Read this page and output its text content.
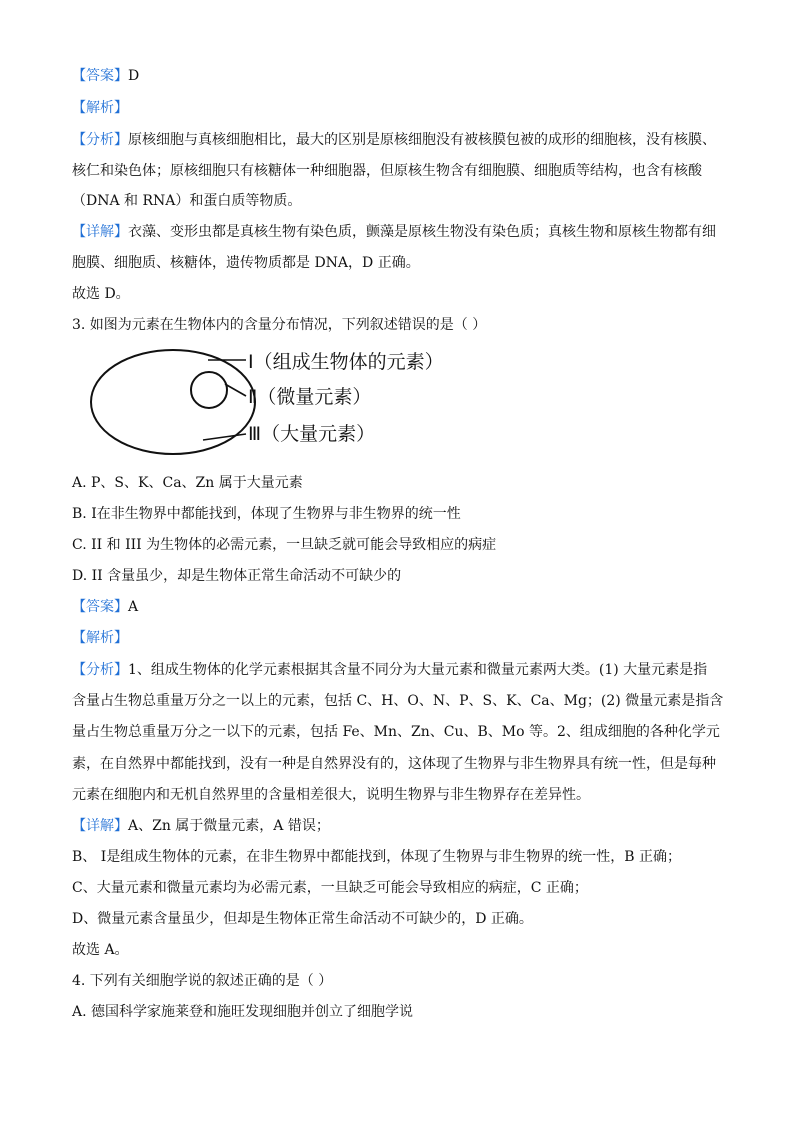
【答案】D
【解析】
【分析】原核细胞与真核细胞相比，最大的区别是原核细胞没有被核膜包被的成形的细胞核，没有核膜、
核仁和染色体；原核细胞只有核糖体一种细胞器，但原核生物含有细胞膜、细胞质等结构，也含有核酸
（DNA 和 RNA）和蛋白质等物质。
【详解】衣藻、变形虫都是真核生物有染色质，颤藻是原核生物没有染色质；真核生物和原核生物都有细
胞膜、细胞质、核糖体，遗传物质都是 DNA，D 正确。
故选 D。
3. 如图为元素在生物体内的含量分布情况，下列叙述错误的是（ ）
Ⅰ（组成生物体的元素）
Ⅱ（微量元素）
Ⅲ（大量元素）
A. P、S、K、Ca、Zn 属于大量元素
B. Ⅰ在非生物界中都能找到，体现了生物界与非生物界的统一性
C. II 和 III 为生物体的必需元素，一旦缺乏就可能会导致相应的病症
D. II 含量虽少，却是生物体正常生命活动不可缺少的
【答案】A
【解析】
【分析】1、组成生物体的化学元素根据其含量不同分为大量元素和微量元素两大类。(1) 大量元素是指
含量占生物总重量万分之一以上的元素，包括 C、H、O、N、P、S、K、Ca、Mg；(2) 微量元素是指含
量占生物总重量万分之一以下的元素，包括 Fe、Mn、Zn、Cu、B、Mo 等。2、组成细胞的各种化学元
素，在自然界中都能找到，没有一种是自然界没有的，这体现了生物界与非生物界具有统一性，但是每种
元素在细胞内和无机自然界里的含量相差很大，说明生物界与非生物界存在差异性。
【详解】A、Zn 属于微量元素，A 错误；
B、 Ⅰ是组成生物体的元素，在非生物界中都能找到，体现了生物界与非生物界的统一性，B 正确；
C、大量元素和微量元素均为必需元素，一旦缺乏可能会导致相应的病症，C 正确；
D、微量元素含量虽少，但却是生物体正常生命活动不可缺少的，D 正确。
故选 A。
4. 下列有关细胞学说的叙述正确的是（ ）
A. 德国科学家施莱登和施旺发现细胞并创立了细胞学说
